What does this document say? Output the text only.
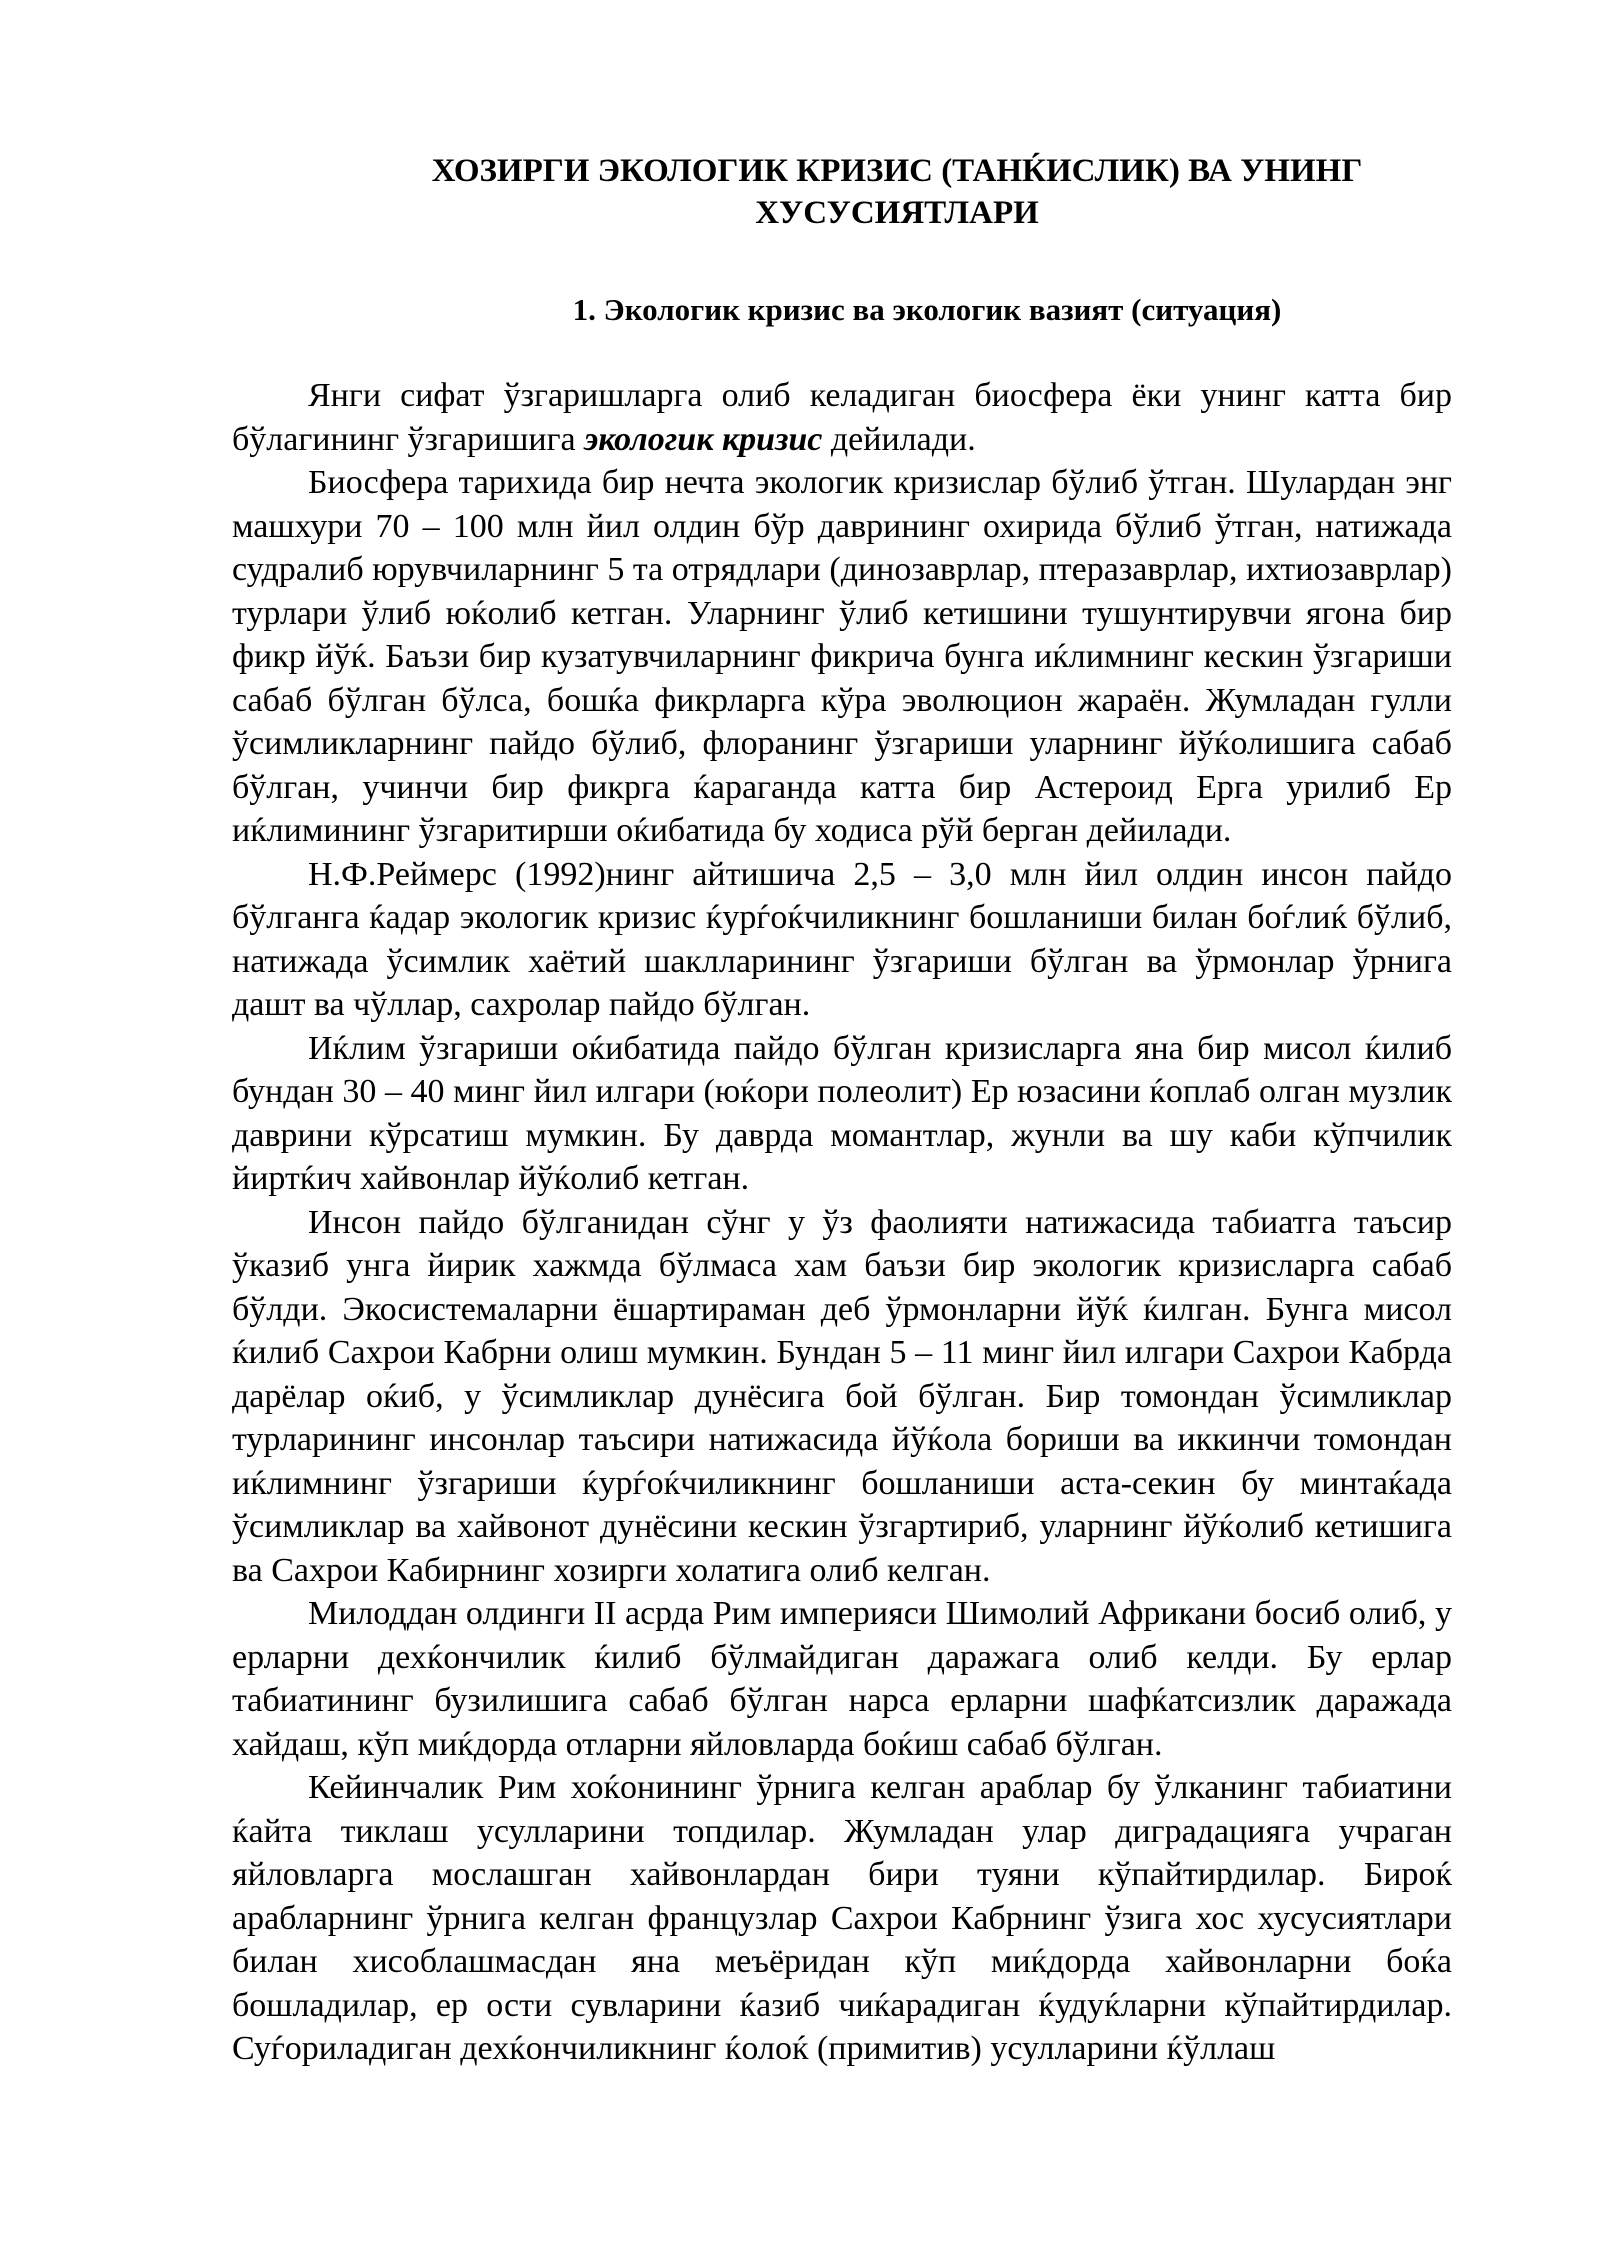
ХОЗИРГИ ЭКОЛОГИК КРИЗИС (ТАНЌИСЛИК) ВА УНИНГ
ХУСУСИЯТЛАРИ
1. Экологик кризис ва экологик вазият (ситуация)

Янги сифат ўзгаришларга олиб келадиган биосфера ёки унинг катта бир бўлагининг ўзгаришига экологик кризис дейилади.

Биосфера тарихида бир нечта экологик кризислар бўлиб ўтган. Шулардан энг машхури 70 – 100 млн йил олдин бўр даврининг охирида бўлиб ўтган, натижада судралиб юрувчиларнинг 5 та отрядлари (динозаврлар, птеразаврлар, ихтиозаврлар) турлари ўлиб юќолиб кетган. Уларнинг ўлиб кетишини тушунтирувчи ягона бир фикр йўќ. Баъзи бир кузатувчиларнинг фикрича бунга иќлимнинг кескин ўзгариши сабаб бўлган бўлса, бошќа фикрларга кўра эволюцион жараён. Жумладан гулли ўсимликларнинг пайдо бўлиб, флоранинг ўзгариши уларнинг йўќолишига сабаб бўлган, учинчи бир фикрга ќараганда катта бир Астероид Ерга урилиб Ер иќлимининг ўзгаритирши оќибатида бу ходиса рўй берган дейилади.

Н.Ф.Реймерс (1992)нинг айтишича 2,5 – 3,0 млн йил олдин инсон пайдо бўлганга ќадар экологик кризис ќурѓоќчиликнинг бошланиши билан боѓлиќ бўлиб, натижада ўсимлик хаётий шаклларининг ўзгариши бўлган ва ўрмонлар ўрнига дашт ва чўллар, сахролар пайдо бўлган.

Иќлим ўзгариши оќибатида пайдо бўлган кризисларга яна бир мисол ќилиб бундан 30 – 40 минг йил илгари (юќори полеолит) Ер юзасини ќоплаб олган музлик даврини кўрсатиш мумкин. Бу даврда момантлар, жунли ва шу каби кўпчилик йиртќич хайвонлар йўќолиб кетган.

Инсон пайдо бўлганидан сўнг у ўз фаолияти натижасида табиатга таъсир ўказиб унга йирик хажмда бўлмаса хам баъзи бир экологик кризисларга сабаб бўлди. Экосистемаларни ёшартираман деб ўрмонларни йўќ ќилган. Бунга мисол ќилиб Сахрои Кабрни олиш мумкин. Бундан 5 – 11 минг йил илгари Сахрои Кабрда дарёлар оќиб, у ўсимликлар дунёсига бой бўлган. Бир томондан ўсимликлар турларининг инсонлар таъсири натижасида йўќола бориши ва иккинчи томондан иќлимнинг ўзгариши ќурѓоќчиликнинг бошланиши аста-секин бу минтаќада ўсимликлар ва хайвонот дунёсини кескин ўзгартириб, уларнинг йўќолиб кетишига ва Сахрои Кабирнинг хозирги холатига олиб келган.

Милоддан олдинги II асрда Рим империяси Шимолий Африкани босиб олиб, у ерларни дехќончилик ќилиб бўлмайдиган даражага олиб келди. Бу ерлар табиатининг бузилишига сабаб бўлган нарса ерларни шафќатсизлик даражада хайдаш, кўп миќдорда отларни яйловларда боќиш сабаб бўлган.

Кейинчалик Рим хоќонининг ўрнига келган араблар бу ўлканинг табиатини ќайта тиклаш усулларини топдилар. Жумладан улар диградацияга учраган яйловларга мослашган хайвонлардан бири туяни кўпайтирдилар. Бироќ арабларнинг ўрнига келган французлар Сахрои Кабрнинг ўзига хос хусусиятлари билан хисоблашмасдан яна меъёридан кўп миќдорда хайвонларни боќа бошладилар, ер ости сувларини ќазиб чиќарадиган ќудуќларни кўпайтирдилар. Суѓориладиган дехќончиликнинг ќолоќ (примитив) усулларини ќўллаш
